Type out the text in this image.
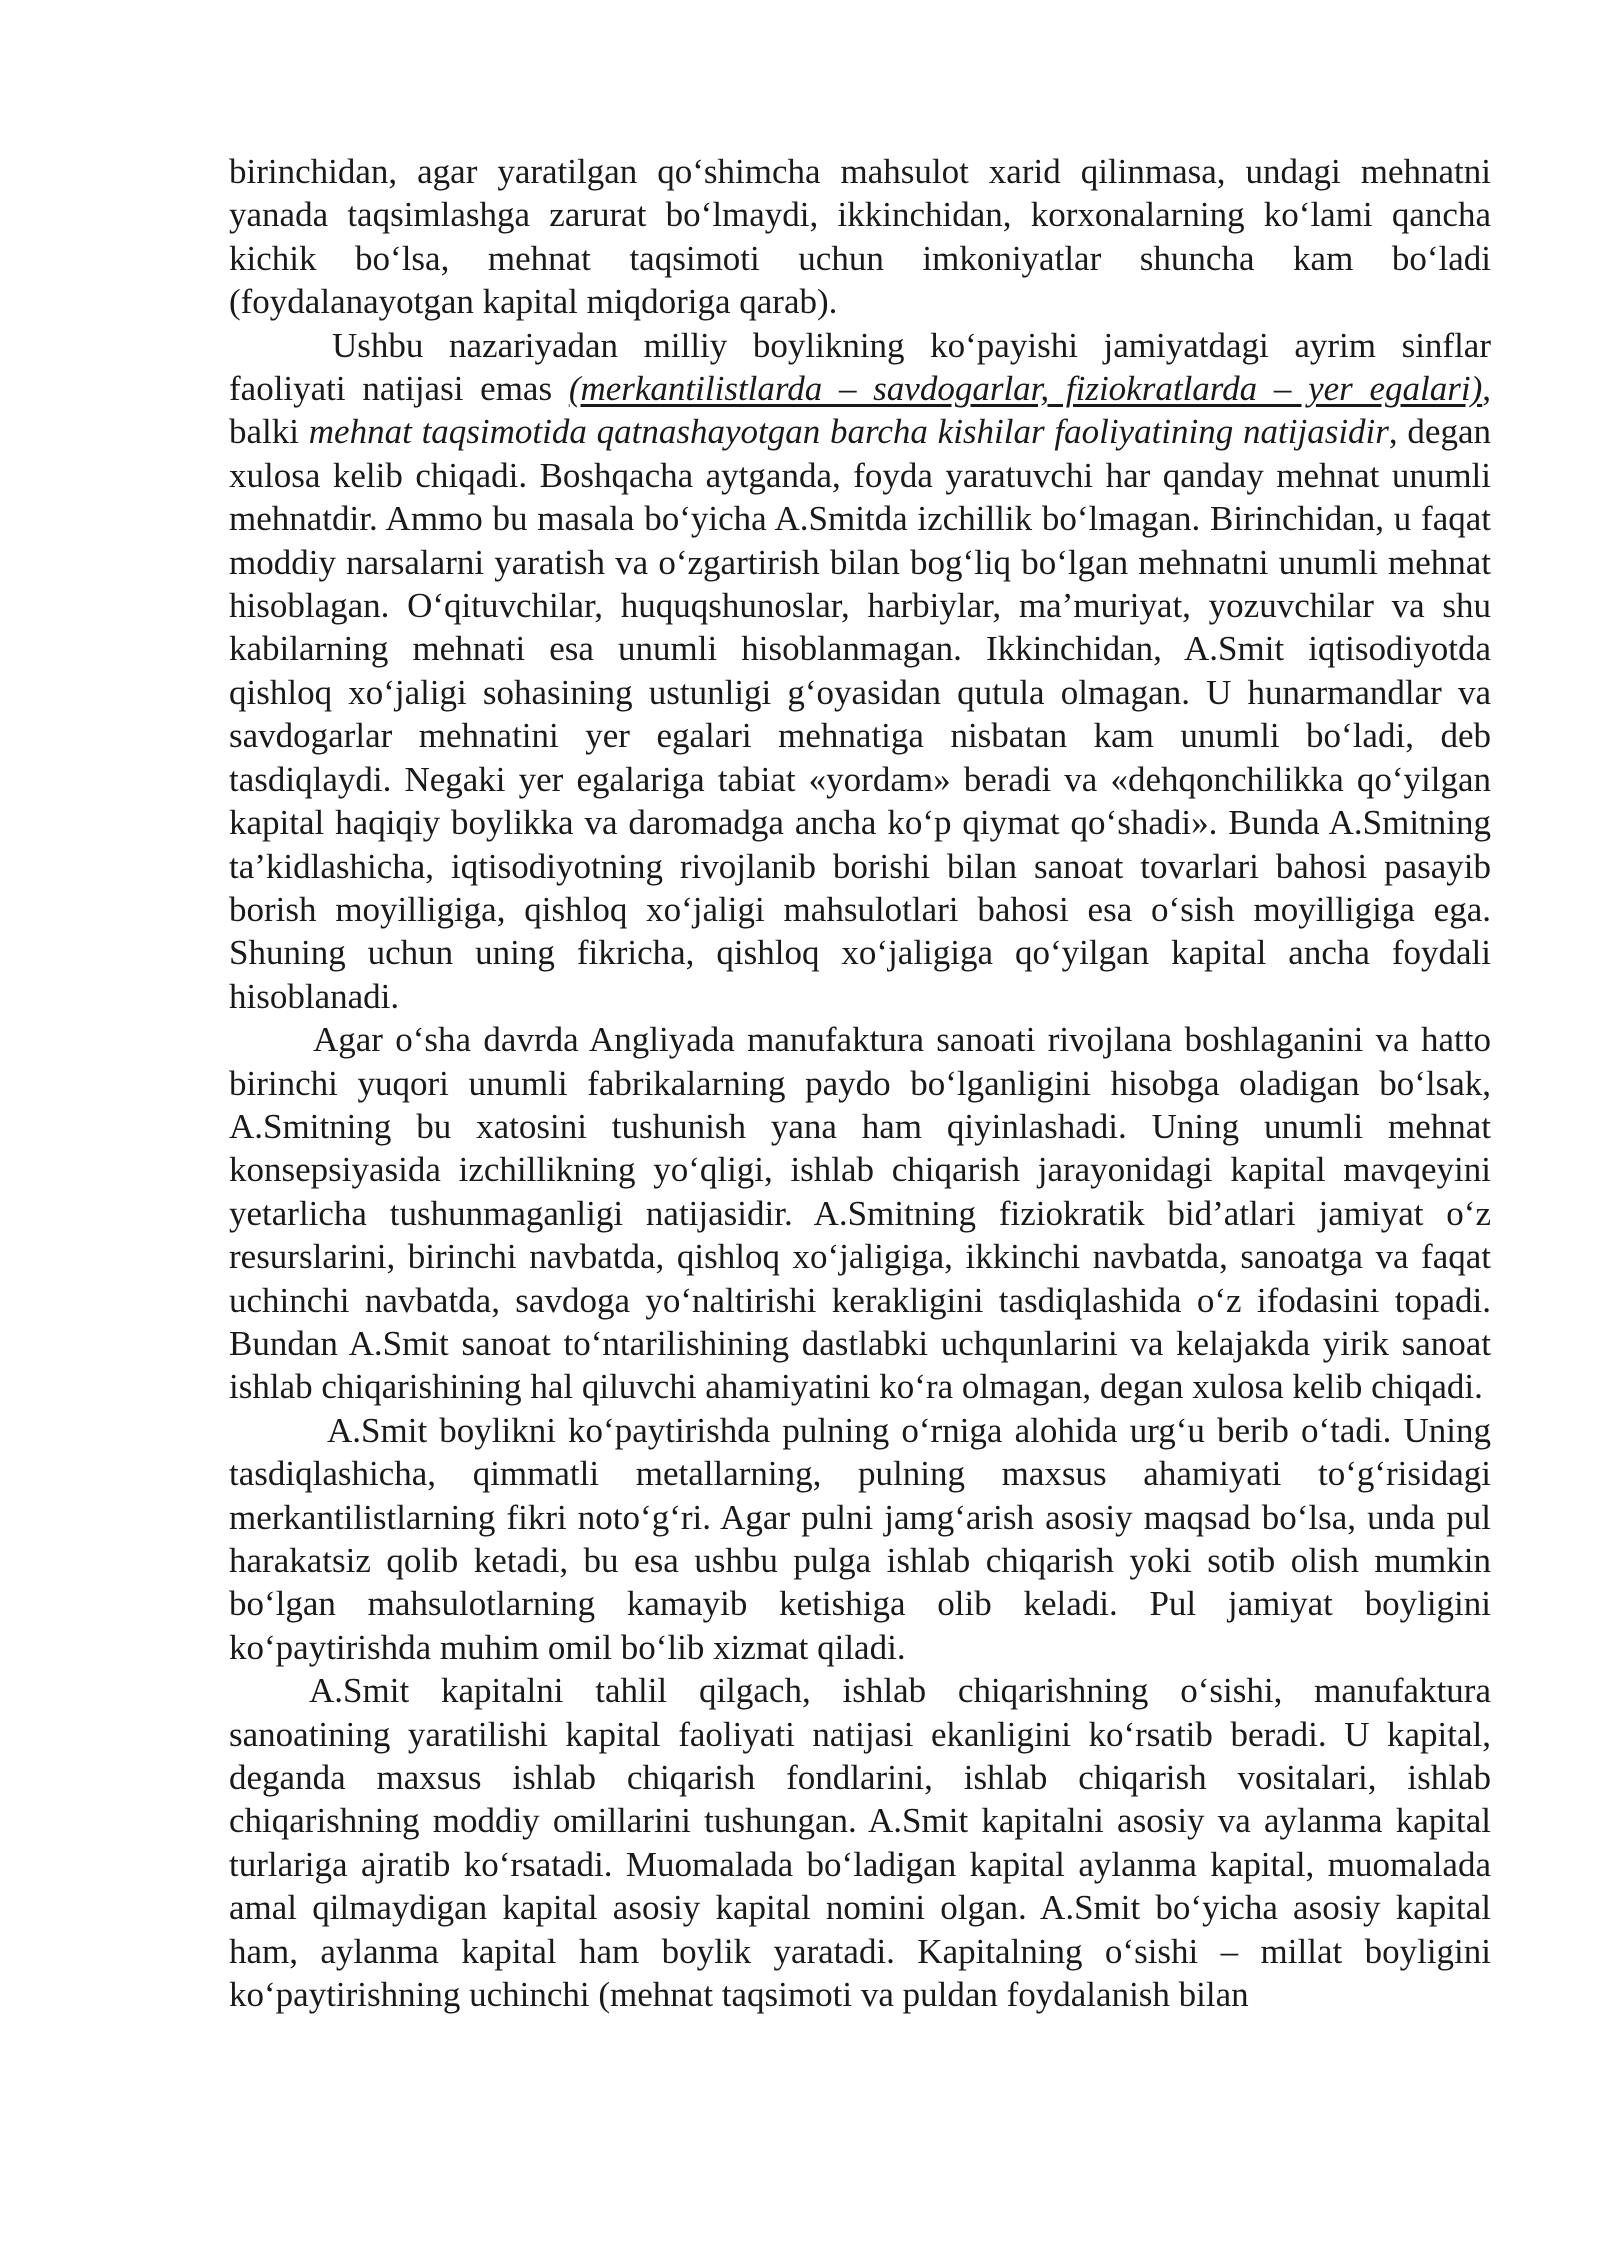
birinchidan, agar yaratilgan qo‘shimcha mahsulot xarid qilinmasa, undagi mehnatni yanada taqsimlashga zarurat bo‘lmaydi, ikkinchidan, korxonalarning ko‘lami qancha kichik bo‘lsa, mehnat taqsimoti uchun imkoniyatlar shuncha kam bo‘ladi (foydalanayotgan kapital miqdoriga qarab).

Ushbu nazariyadan milliy boylikning ko‘payishi jamiyatdagi ayrim sinflar faoliyati natijasi emas (merkantilistlarda – savdogarlar, fiziokratlarda – yer egalari), balki mehnat taqsimotida qatnashayotgan barcha kishilar faoliyatining natijasidir, degan xulosa kelib chiqadi. Boshqacha aytganda, foyda yaratuvchi har qanday mehnat unumli mehnatdir. Ammo bu masala bo‘yicha A.Smitda izchillik bo‘lmagan. Birinchidan, u faqat moddiy narsalarni yaratish va o‘zgartirish bilan bog‘liq bo‘lgan mehnatni unumli mehnat hisoblagan. O‘qituvchilar, huquqshunoslar, harbiylar, ma’muriyat, yozuvchilar va shu kabilarning mehnati esa unumli hisoblanmagan. Ikkinchidan, A.Smit iqtisodiyotda qishloq xo‘jaligi sohasining ustunligi g‘oyasidan qutula olmagan. U hunarmandlar va savdogarlar mehnatini yer egalari mehnatiga nisbatan kam unumli bo‘ladi, deb tasdiqlaydi. Negaki yer egalariga tabiat «yordam» beradi va «dehqonchilikka qo‘yilgan kapital haqiqiy boylikka va daromadga ancha ko‘p qiymat qo‘shadi». Bunda A.Smitning ta’kidlashicha, iqtisodiyotning rivojlanib borishi bilan sanoat tovarlari bahosi pasayib borish moyilligiga, qishloq xo‘jaligi mahsulotlari bahosi esa o‘sish moyilligiga ega. Shuning uchun uning fikricha, qishloq xo‘jaligiga qo‘yilgan kapital ancha foydali hisoblanadi.

Agar o‘sha davrda Angliyada manufaktura sanoati rivojlana boshlaganini va hatto birinchi yuqori unumli fabrikalarning paydo bo‘lganligini hisobga oladigan bo‘lsak, A.Smitning bu xatosini tushunish yana ham qiyinlashadi. Uning unumli mehnat konsepsiyasida izchillikning yo‘qligi, ishlab chiqarish jarayonidagi kapital mavqeyini yetarlicha tushunmaganligi natijasidir. A.Smitning fiziokratik bid’atlari jamiyat o‘z resurslarini, birinchi navbatda, qishloq xo‘jaligiga, ikkinchi navbatda, sanoatga va faqat uchinchi navbatda, savdoga yo‘naltirishi kerakligini tasdiqlashida o‘z ifodasini topadi. Bundan A.Smit sanoat to‘ntarilishining dastlabki uchqunlarini va kelajakda yirik sanoat ishlab chiqarishining hal qiluvchi ahamiyatini ko‘ra olmagan, degan xulosa kelib chiqadi.

A.Smit boylikni ko‘paytirishda pulning o‘rniga alohida urg‘u berib o‘tadi. Uning tasdiqlashicha, qimmatli metallarning, pulning maxsus ahamiyati to‘g‘risidagi merkantilistlarning fikri noto‘g‘ri. Agar pulni jamg‘arish asosiy maqsad bo‘lsa, unda pul harakatsiz qolib ketadi, bu esa ushbu pulga ishlab chiqarish yoki sotib olish mumkin bo‘lgan mahsulotlarning kamayib ketishiga olib keladi. Pul jamiyat boyligini ko‘paytirishda muhim omil bo‘lib xizmat qiladi.

A.Smit kapitalni tahlil qilgach, ishlab chiqarishning o‘sishi, manufaktura sanoatining yaratilishi kapital faoliyati natijasi ekanligini ko‘rsatib beradi. U kapital, deganda maxsus ishlab chiqarish fondlarini, ishlab chiqarish vositalari, ishlab chiqarishning moddiy omillarini tushungan. A.Smit kapitalni asosiy va aylanma kapital turlariga ajratib ko‘rsatadi. Muomalada bo‘ladigan kapital aylanma kapital, muomalada amal qilmaydigan kapital asosiy kapital nomini olgan. A.Smit bo‘yicha asosiy kapital ham, aylanma kapital ham boylik yaratadi. Kapitalning o‘sishi – millat boyligini ko‘paytirishning uchinchi (mehnat taqsimoti va puldan foydalanish bilan
